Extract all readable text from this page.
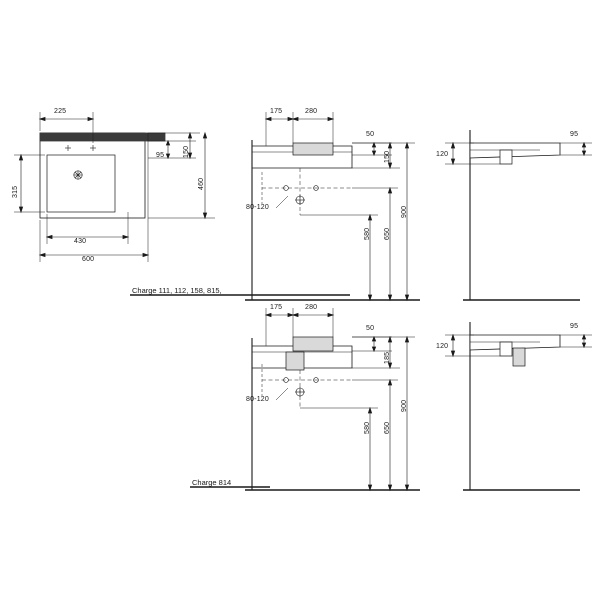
225
315
430
600
95	150
460
175	280
50
150
80-120
580 650
900
95
120
175	280
50
185
80-120
580 650
900
95
120
Charge 111, 112, 158, 815,
Charge 814
